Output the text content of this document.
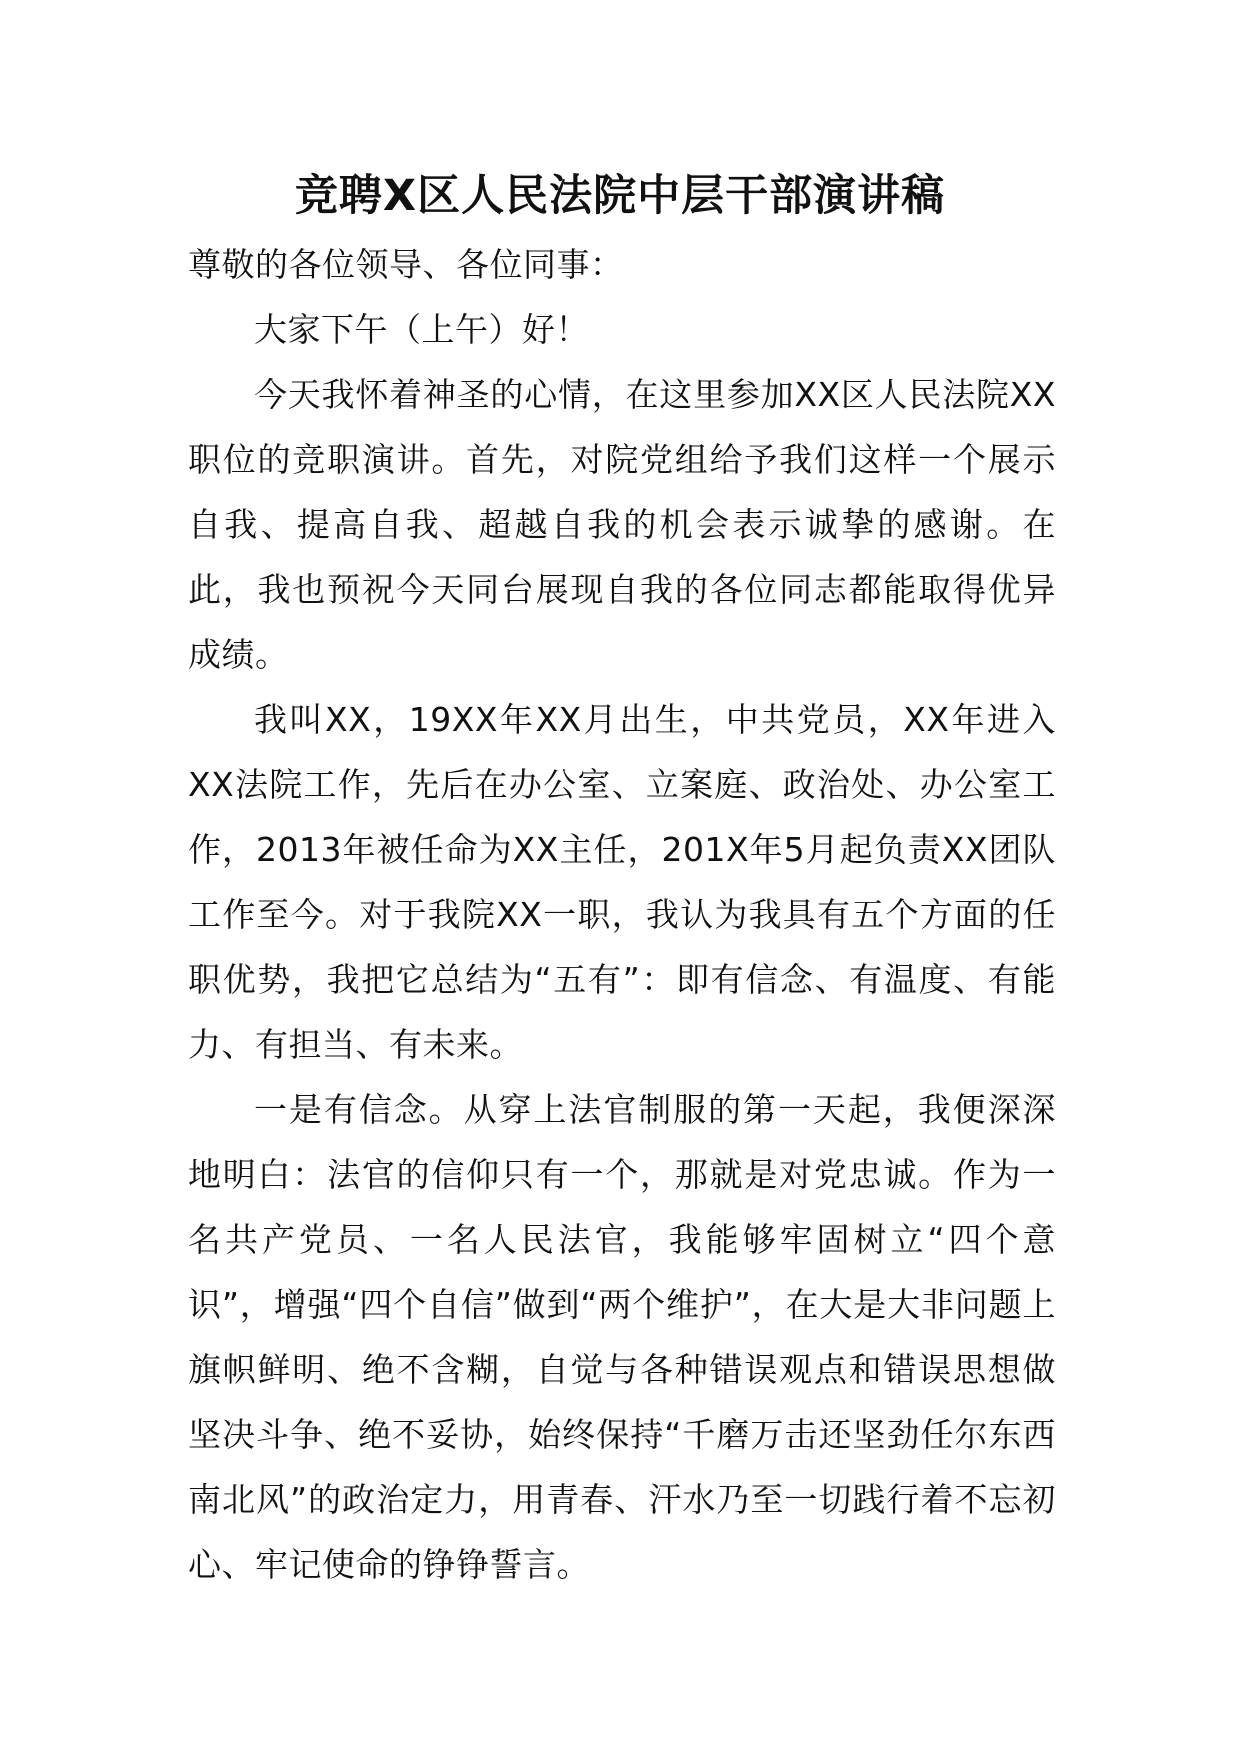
竞聘X区人民法院中层干部演讲稿

尊敬的各位领导、各位同事：

大家下午（上午）好！

今天我怀着神圣的心情，在这里参加XX区人民法院XX职位的竞职演讲。首先，对院党组给予我们这样一个展示自我、提高自我、超越自我的机会表示诚挚的感谢。在此，我也预祝今天同台展现自我的各位同志都能取得优异成绩。

我叫XX，19XX年XX月出生，中共党员，XX年进入XX法院工作，先后在办公室、立案庭、政治处、办公室工作，2013年被任命为XX主任，201X年5月起负责XX团队工作至今。对于我院XX一职，我认为我具有五个方面的任职优势，我把它总结为“五有”：即有信念、有温度、有能力、有担当、有未来。

一是有信念。从穿上法官制服的第一天起，我便深深地明白：法官的信仰只有一个，那就是对党忠诚。作为一名共产党员、一名人民法官，我能够牢固树立“四个意识”，增强“四个自信”做到“两个维护”，在大是大非问题上旗帜鲜明、绝不含糊，自觉与各种错误观点和错误思想做坚决斗争、绝不妥协，始终保持“千磨万击还坚劲任尔东西南北风”的政治定力，用青春、汗水乃至一切践行着不忘初心、牢记使命的铮铮誓言。
